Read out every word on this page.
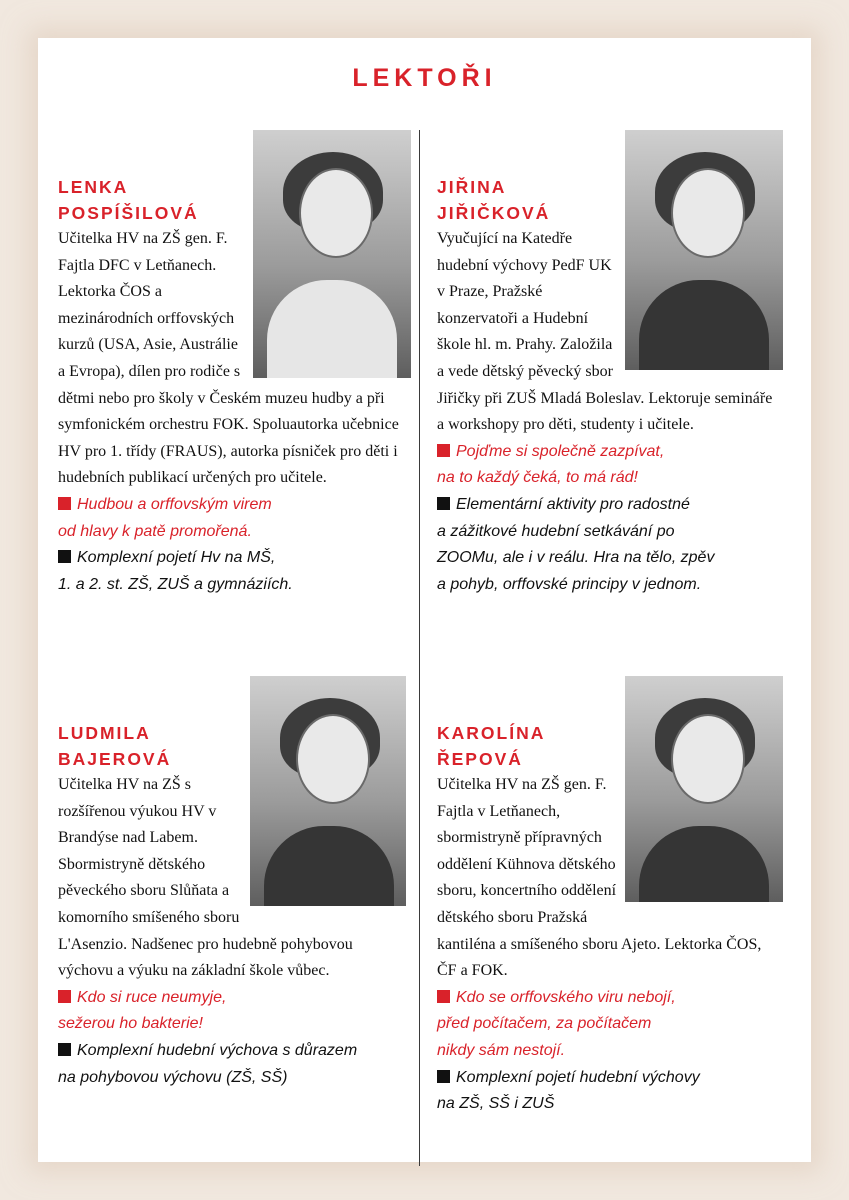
LEKTOŘI
LENKA
POSPÍŠILOVÁ
Učitelka HV na ZŠ gen. F. Fajtla DFC v Letňanech. Lektorka ČOS a mezinárodních orffovských kurzů (USA, Asie, Austrálie a Evropa), dílen pro rodiče s dětmi nebo pro školy v Českém muzeu hudby a při symfonickém orchestru FOK. Spoluautorka učebnice HV pro 1. třídy (FRAUS), autorka písniček pro děti i hudebních publikací určených pro učitele.
Hudbou a orffovským virem
od hlavy k patě promořená.
Komplexní pojetí Hv na MŠ,
1. a 2. st. ZŠ, ZUŠ a gymnáziích.
JIŘINA
JIŘIČKOVÁ
Vyučující na Katedře hudební výchovy PedF UK v Praze, Pražské konzervatoři a Hudební škole hl. m. Prahy. Založila a vede dětský pěvecký sbor Jiřičky při ZUŠ Mladá Boleslav. Lektoruje semináře a workshopy pro děti, studenty i učitele.
Pojďme si společně zazpívat,
na to každý čeká, to má rád!
Elementární aktivity pro radostné
a zážitkové hudební setkávání po
ZOOMu, ale i v reálu. Hra na tělo, zpěv
a pohyb, orffovské principy v jednom.
LUDMILA
BAJEROVÁ
Učitelka HV na ZŠ s rozšířenou výukou HV v Brandýse nad Labem. Sbormistryně dětského pěveckého sboru Slůňata a komorního smíšeného sboru L'Asenzio. Nadšenec pro hudebně pohybovou výchovu a výuku na základní škole vůbec.
Kdo si ruce neumyje,
sežerou ho bakterie!
Komplexní hudební výchova s důrazem
na pohybovou výchovu (ZŠ, SŠ)
KAROLÍNA
ŘEPOVÁ
Učitelka HV na ZŠ gen. F. Fajtla v Letňanech, sbormistryně přípravných oddělení Kühnova dětského sboru, koncertního oddělení dětského sboru Pražská kantiléna a smíšeného sboru Ajeto. Lektorka ČOS, ČF a FOK.
Kdo se orffovského viru nebojí,
před počítačem, za počítačem
nikdy sám nestojí.
Komplexní pojetí hudební výchovy
na ZŠ, SŠ i ZUŠ
